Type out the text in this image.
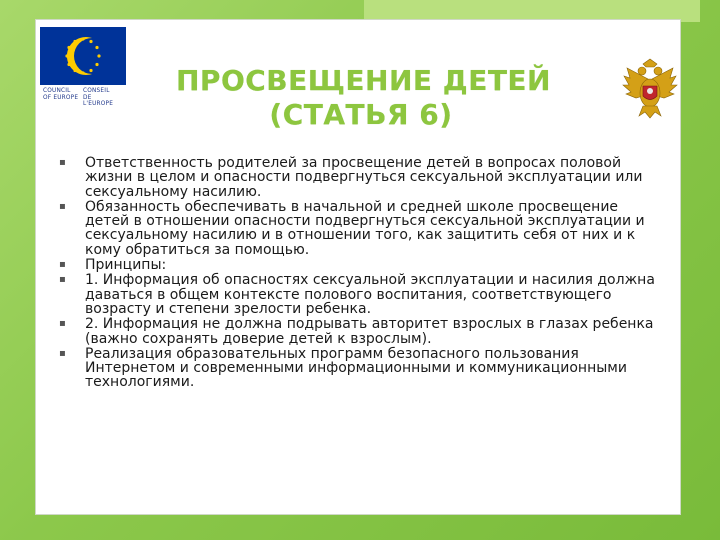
COUNCIL
OF EUROPE
CONSEIL
DE L'EUROPE
ПРОСВЕЩЕНИЕ ДЕТЕЙ
(СТАТЬЯ 6)
▪ Ответственность родителей за просвещение детей в вопросах половой жизни в целом и опасности подвергнуться сексуальной эксплуатации или сексуальному насилию.
▪ Обязанность обеспечивать в начальной и средней школе просвещение детей в отношении опасности подвергнуться сексуальной эксплуатации и сексуальному насилию и в отношении того, как защитить себя от них и к кому обратиться за помощью.
▪ Принципы:
▪ 1. Информация об опасностях сексуальной эксплуатации и насилия должна даваться в общем контексте полового воспитания, соответствующего возрасту и степени зрелости ребенка.
▪ 2. Информация не должна подрывать авторитет взрослых в глазах ребенка (важно сохранять доверие детей к взрослым).
▪ Реализация образовательных программ безопасного пользования Интернетом и современными информационными и коммуникационными технологиями.
